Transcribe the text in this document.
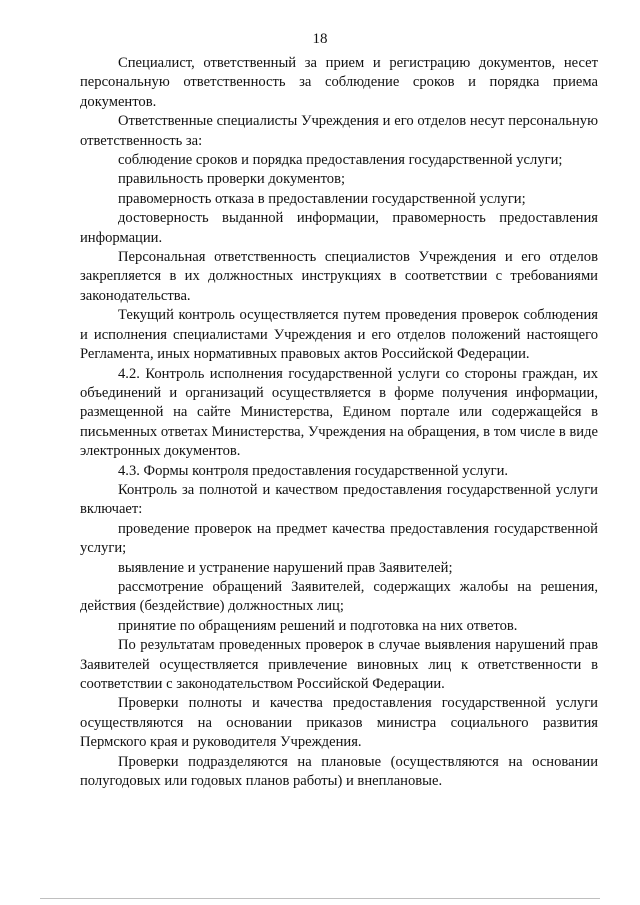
18

Специалист, ответственный за прием и регистрацию документов, несет персональную ответственность за соблюдение сроков и порядка приема документов.

Ответственные специалисты Учреждения и его отделов несут персональную ответственность за:

соблюдение сроков и порядка предоставления государственной услуги;

правильность проверки документов;

правомерность отказа в предоставлении государственной услуги;

достоверность выданной информации, правомерность предоставления информации.

Персональная ответственность специалистов Учреждения и его отделов закрепляется в их должностных инструкциях в соответствии с требованиями законодательства.

Текущий контроль осуществляется путем проведения проверок соблюдения и исполнения специалистами Учреждения и его отделов положений настоящего Регламента, иных нормативных правовых актов Российской Федерации.

4.2. Контроль исполнения государственной услуги со стороны граждан, их объединений и организаций осуществляется в форме получения информации, размещенной на сайте Министерства, Едином портале или содержащейся в письменных ответах Министерства, Учреждения на обращения, в том числе в виде электронных документов.

4.3. Формы контроля предоставления государственной услуги.

Контроль за полнотой и качеством предоставления государственной услуги включает:

проведение проверок на предмет качества предоставления государственной услуги;

выявление и устранение нарушений прав Заявителей;

рассмотрение обращений Заявителей, содержащих жалобы на решения, действия (бездействие) должностных лиц;

принятие по обращениям решений и подготовка на них ответов.

По результатам проведенных проверок в случае выявления нарушений прав Заявителей осуществляется привлечение виновных лиц к ответственности в соответствии с законодательством Российской Федерации.

Проверки полноты и качества предоставления государственной услуги осуществляются на основании приказов министра социального развития Пермского края и руководителя Учреждения.

Проверки подразделяются на плановые (осуществляются на основании полугодовых или годовых планов работы) и внеплановые.
